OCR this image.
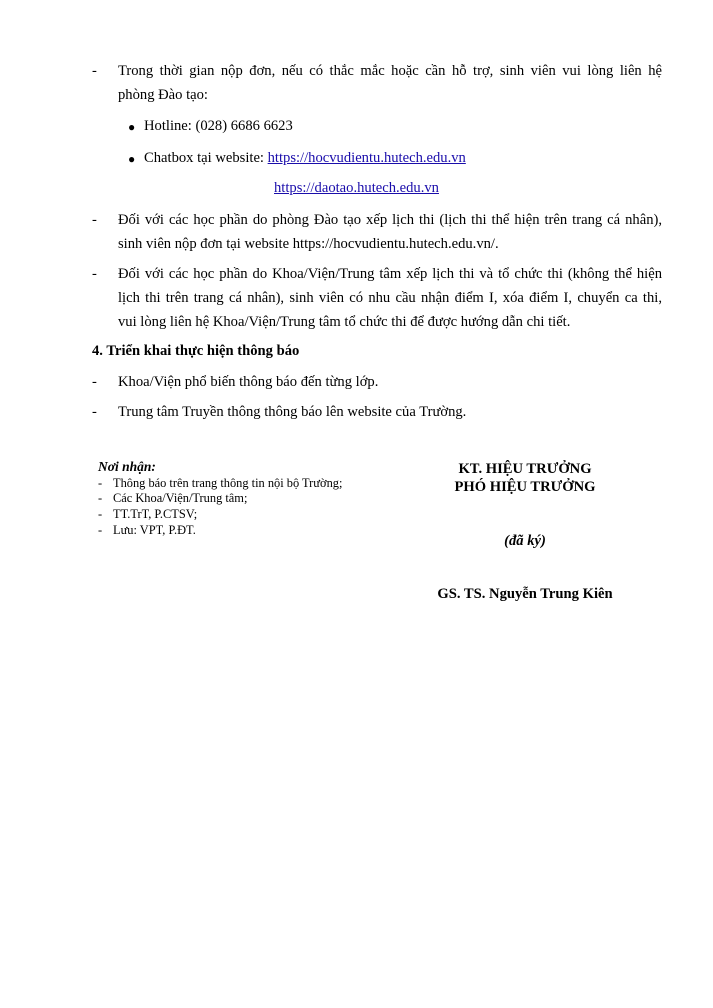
- Trong thời gian nộp đơn, nếu có thắc mắc hoặc cần hỗ trợ, sinh viên vui lòng liên hệ
phòng Đào tạo:
● Hotline: (028) 6686 6623
● Chatbox tại website: https://hocvudientu.hutech.edu.vn
https://daotao.hutech.edu.vn
- Đối với các học phần do phòng Đào tạo xếp lịch thi (lịch thi thể hiện trên trang cá nhân),
sinh viên nộp đơn tại website https://hocvudientu.hutech.edu.vn/.
- Đối với các học phần do Khoa/Viện/Trung tâm xếp lịch thi và tổ chức thi (không thể hiện
lịch thi trên trang cá nhân), sinh viên có nhu cầu nhận điểm I, xóa điểm I, chuyển ca thi,
vui lòng liên hệ Khoa/Viện/Trung tâm tổ chức thi để được hướng dẫn chi tiết.
4. Triển khai thực hiện thông báo
- Khoa/Viện phổ biến thông báo đến từng lớp.
- Trung tâm Truyền thông thông báo lên website của Trường.
Nơi nhận:
- Thông báo trên trang thông tin nội bộ Trường;
- Các Khoa/Viện/Trung tâm;
- TT.TrT, P.CTSV;
- Lưu: VPT, P.ĐT.
KT. HIỆU TRƯỞNG
PHÓ HIỆU TRƯỞNG
(đã ký)
GS. TS. Nguyễn Trung Kiên
